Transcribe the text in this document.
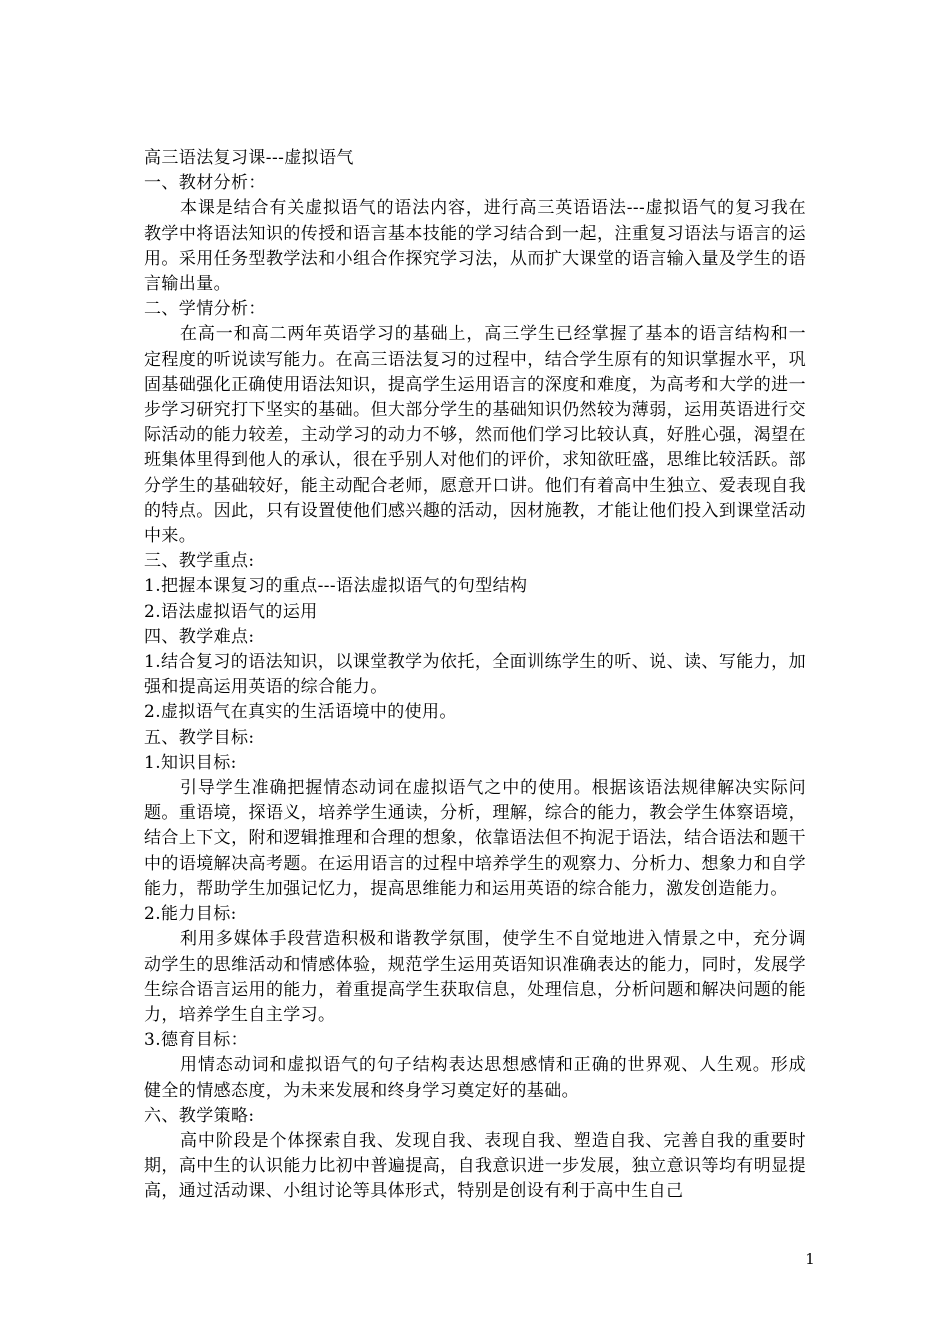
高三语法复习课---虚拟语气

一、教材分析：

本课是结合有关虚拟语气的语法内容，进行高三英语语法---虚拟语气的复习我在教学中将语法知识的传授和语言基本技能的学习结合到一起，注重复习语法与语言的运用。采用任务型教学法和小组合作探究学习法，从而扩大课堂的语言输入量及学生的语言输出量。

二、学情分析：

在高一和高二两年英语学习的基础上，高三学生已经掌握了基本的语言结构和一定程度的听说读写能力。在高三语法复习的过程中，结合学生原有的知识掌握水平，巩固基础强化正确使用语法知识，提高学生运用语言的深度和难度，为高考和大学的进一步学习研究打下坚实的基础。但大部分学生的基础知识仍然较为薄弱，运用英语进行交际活动的能力较差，主动学习的动力不够，然而他们学习比较认真，好胜心强，渴望在班集体里得到他人的承认，很在乎别人对他们的评价，求知欲旺盛，思维比较活跃。部分学生的基础较好，能主动配合老师，愿意开口讲。他们有着高中生独立、爱表现自我的特点。因此，只有设置使他们感兴趣的活动，因材施教，才能让他们投入到课堂活动中来。

三、教学重点:

1.把握本课复习的重点---语法虚拟语气的句型结构

2.语法虚拟语气的运用

四、教学难点:

1.结合复习的语法知识，以课堂教学为依托，全面训练学生的听、说、读、写能力，加强和提高运用英语的综合能力。

2.虚拟语气在真实的生活语境中的使用。

五、教学目标:

1.知识目标:

引导学生准确把握情态动词在虚拟语气之中的使用。根据该语法规律解决实际问题。重语境，探语义，培养学生通读，分析，理解，综合的能力，教会学生体察语境，结合上下文，附和逻辑推理和合理的想象，依靠语法但不拘泥于语法，结合语法和题干中的语境解决高考题。在运用语言的过程中培养学生的观察力、分析力、想象力和自学能力，帮助学生加强记忆力，提高思维能力和运用英语的综合能力，激发创造能力。

2.能力目标:

利用多媒体手段营造积极和谐教学氛围，使学生不自觉地进入情景之中，充分调动学生的思维活动和情感体验，规范学生运用英语知识准确表达的能力，同时，发展学生综合语言运用的能力，着重提高学生获取信息，处理信息，分析问题和解决问题的能力，培养学生自主学习。

3.德育目标：

用情态动词和虚拟语气的句子结构表达思想感情和正确的世界观、人生观。形成健全的情感态度，为未来发展和终身学习奠定好的基础。

六、教学策略:

高中阶段是个体探索自我、发现自我、表现自我、塑造自我、完善自我的重要时期，高中生的认识能力比初中普遍提高，自我意识进一步发展，独立意识等均有明显提高，通过活动课、小组讨论等具体形式，特别是创设有利于高中生自己

1
